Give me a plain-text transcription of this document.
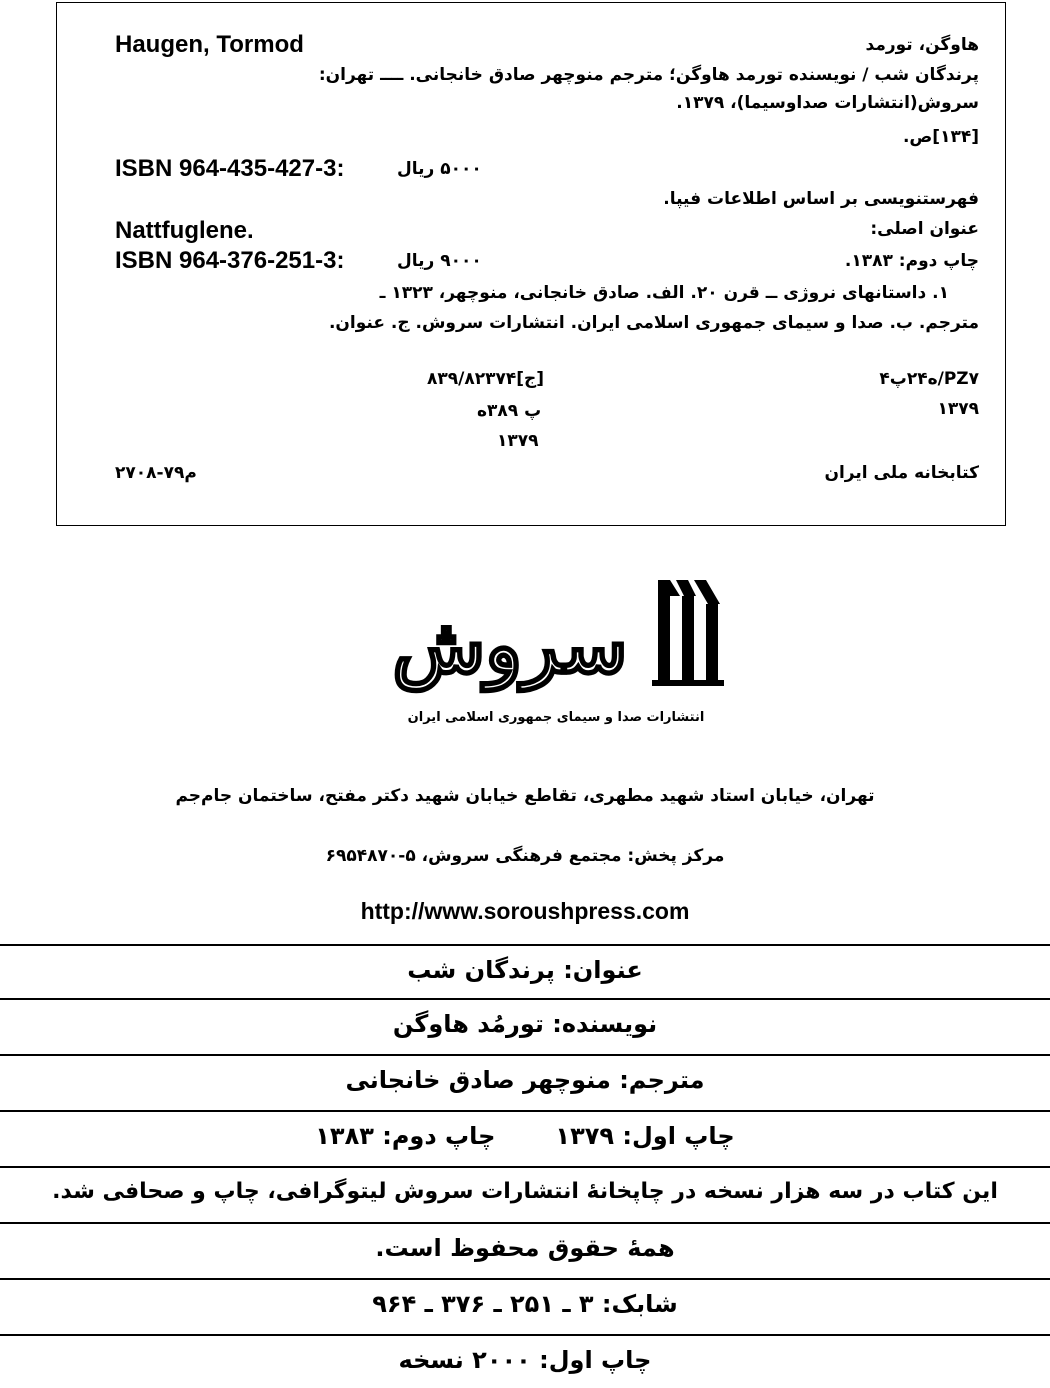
Haugen, Tormod	هاوگن، تورمد
پرندگان شب / نویسنده تورمد هاوگن؛ مترجم منوچهر صادق خانجانی. ــــ تهران:
سروش(انتشارات صداوسیما)، ۱۳۷۹.
[۱۳۴]ص.
ISBN 964-435-427-3:	۵۰۰۰ ریال
فهرستنویسی بر اساس اطلاعات فیپا.
عنوان اصلی:
Nattfuglene.
چاپ دوم: ۱۳۸۳.
ISBN 964-376-251-3:	۹۰۰۰ ریال
۱. داستانهای نروژی ــ قرن ۲۰. الف. صادق خانجانی، منوچهر، ۱۳۲۳ ـ
مترجم. ب. صدا و سیمای جمهوری اسلامی ایران. انتشارات سروش. ج. عنوان.
PZ۷/ه۲۴پ۴
۱۳۷۹
[ج]۸۳۹/۸۲۳۷۴
پ ۳۸۹ه
۱۳۷۹
کتابخانه ملی ایران
م۷۹-۲۷۰۸
سروش
انتشارات صدا و سیمای جمهوری اسلامی ایران
تهران، خیابان استاد شهید مطهری، تقاطع خیابان شهید دکتر مفتح، ساختمان جام‌جم
مرکز پخش: مجتمع فرهنگی سروش، ۵-۶۹۵۴۸۷۰
http://www.soroushpress.com
عنوان: پرندگان شب
نویسنده: تورمُد هاوگن
مترجم: منوچهر صادق خانجانی
چاپ اول: ۱۳۷۹چاپ دوم: ۱۳۸۳
این کتاب در سه هزار نسخه در چاپخانهٔ انتشارات سروش لیتوگرافی، چاپ و صحافی شد.
همهٔ حقوق محفوظ است.
شابک: ۳ ـ ۲۵۱ ـ ۳۷۶ ـ ۹۶۴
چاپ اول: ۲۰۰۰ نسخه
